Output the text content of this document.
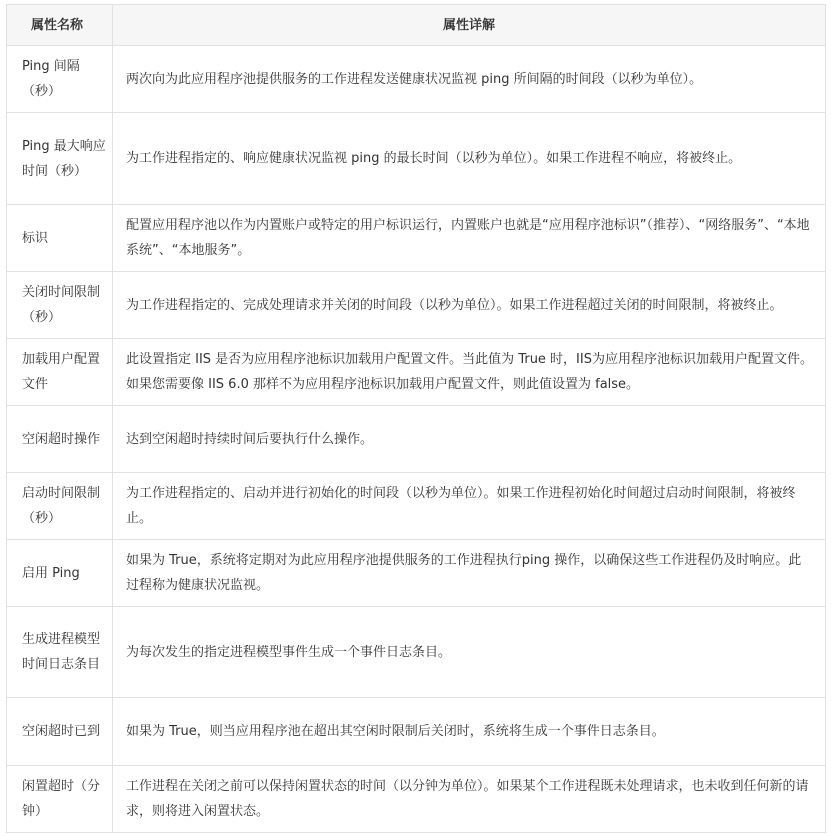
属性名称	属性详解
Ping 间隔（秒）	两次向为此应用程序池提供服务的工作进程发送健康状况监视 ping 所间隔的时间段（以秒为单位）。
Ping 最大响应时间（秒）	为工作进程指定的、响应健康状况监视 ping 的最长时间（以秒为单位）。如果工作进程不响应，将被终止。
标识	配置应用程序池以作为内置账户或特定的用户标识运行，内置账户也就是“应用程序池标识”（推荐）、“网络服务”、“本地系统”、“本地服务”。
关闭时间限制（秒）	为工作进程指定的、完成处理请求并关闭的时间段（以秒为单位）。如果工作进程超过关闭的时间限制，将被终止。
加载用户配置文件	此设置指定 IIS 是否为应用程序池标识加载用户配置文件。当此值为 True 时，IIS为应用程序池标识加载用户配置文件。如果您需要像 IIS 6.0 那样不为应用程序池标识加载用户配置文件，则此值设置为 false。
空闲超时操作	达到空闲超时持续时间后要执行什么操作。
启动时间限制（秒）	为工作进程指定的、启动并进行初始化的时间段（以秒为单位）。如果工作进程初始化时间超过启动时间限制，将被终止。
启用 Ping	如果为 True，系统将定期对为此应用程序池提供服务的工作进程执行ping 操作，以确保这些工作进程仍及时响应。此过程称为健康状况监视。
生成进程模型时间日志条目	为每次发生的指定进程模型事件生成一个事件日志条目。
空闲超时已到	如果为 True，则当应用程序池在超出其空闲时限制后关闭时，系统将生成一个事件日志条目。
闲置超时（分钟）	工作进程在关闭之前可以保持闲置状态的时间（以分钟为单位）。如果某个工作进程既未处理请求，也未收到任何新的请求，则将进入闲置状态。
